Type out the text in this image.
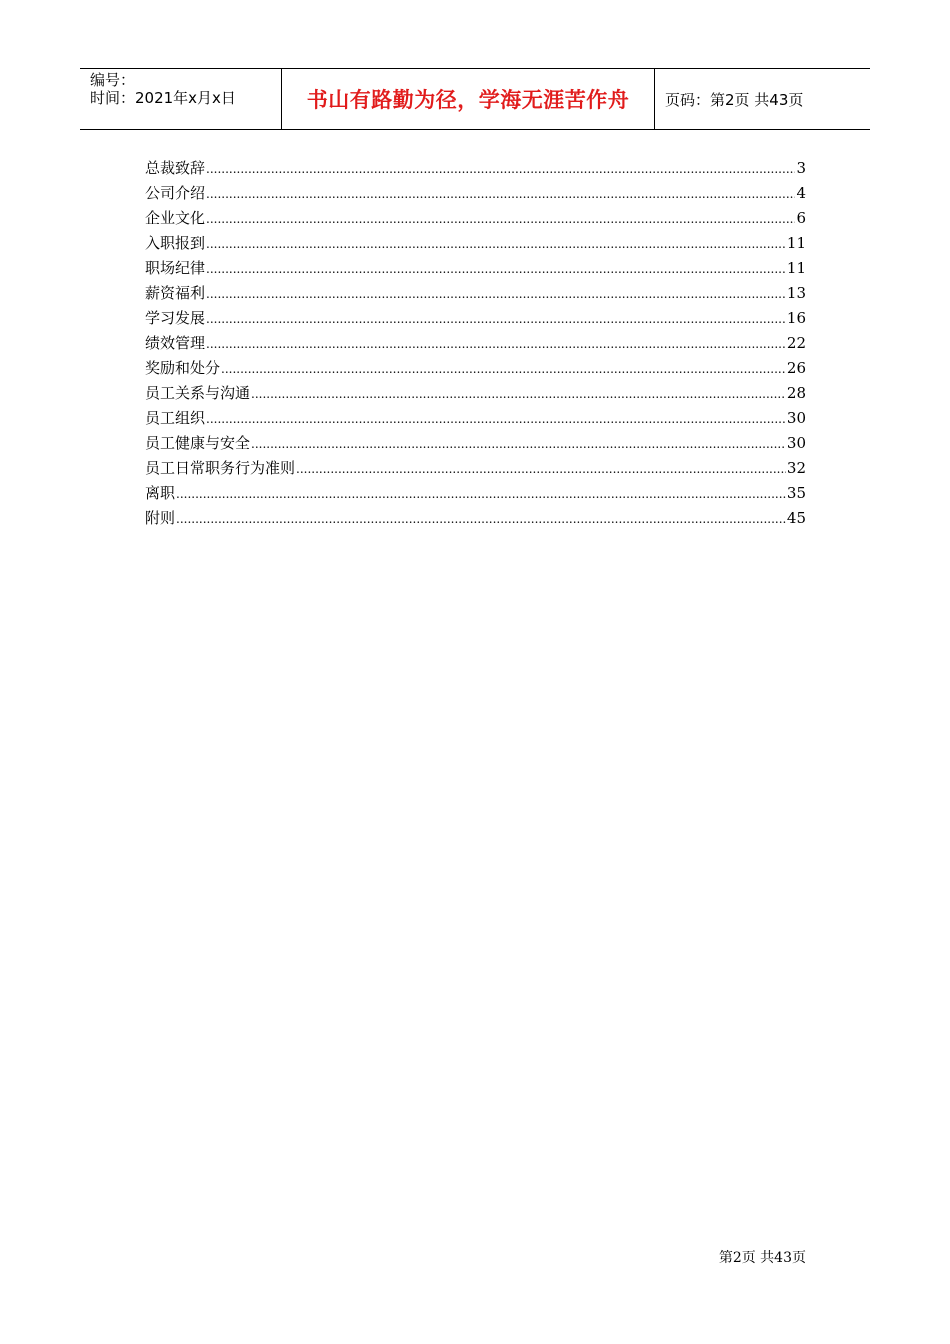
编号：
时间：2021年x月x日	书山有路勤为径，学海无涯苦作舟	页码：第2页 共43页
总裁致辞 .....	3
公司介绍 .....	4
企业文化 .....	6
入职报到 .....	11
职场纪律 .....	11
薪资福利 .....	13
学习发展 .....	16
绩效管理 .....	22
奖励和处分 .....	26
员工关系与沟通 .....	28
员工组织 .....	30
员工健康与安全 .....	30
员工日常职务行为准则 .....	32
离职 .....	35
附则 .....	45
第2页 共43页
